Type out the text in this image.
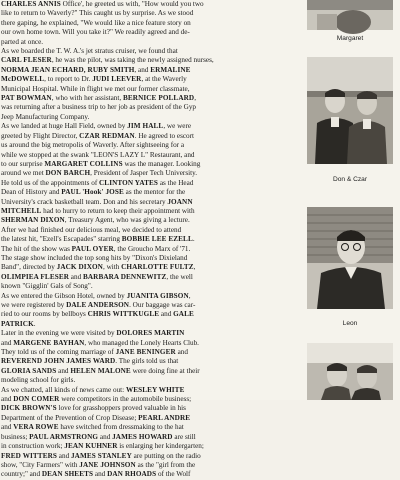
CHARLES ANNIS Office', he greeted us with, "How would you two
like to return to Waverly?" This caught us by surprise. As we stood
there gaping, he explained, "We would like a nice feature story on
our own home town. Will you take it?" We readily agreed and de-
parted at once.
As we boarded the T. W. A.'s jet stratus cruiser, we found that
CARL FLESER, he was the pilot, was taking the newly assigned nurses,
NORMA JEAN ECHARD, RUBY SMITH, and ERMALINE
McDOWELL, to report to Dr. JUDI LEEVER, at the Waverly
Municipal Hospital. While in flight we met our former classmate,
PAT BOWMAN, who with her assistant, BERNICE POLLARD,
was returning after a business trip to her job as president of the Gyp
Jeep Manufacturing Company.
As we landed at huge Hall Field, owned by JIM HALL, we were
greeted by Flight Director, CZAR REDMAN. He agreed to escort
us around the big metropolis of Waverly. After sightseeing for a
while we stopped at the swank "LEON'S LAZY L" Restaurant, and
to our surprise MARGARET COLLINS was the manager. Looking
around we met DON BARCH, President of Jasper Tech University.
He told us of the appointments of CLINTON YATES as the Head
Dean of History and PAUL 'Hook' JOSE as the mentor for the
University's crack basketball team. Don and his secretary JOANN
MITCHELL had to hurry to return to keep their appointment with
SHERMAN DIXON, Treasury Agent, who was giving a lecture.
After we had finished our delicious meal, we decided to attend
the latest hit, "Ezell's Escapades" starring BOBBIE LEE EZELL.
The hit of the show was PAUL OYER, the Groucho Marx of '71.
The stage show included the top song hits by "Dixon's Dixieland
Band", directed by JACK DIXON, with CHARLOTTE FULTZ,
OLIMPIEA FLESER and BARBARA DENNEWITZ, the well
known "Gigglin' Gals of Song".
As we entered the Gibson Hotel, owned by JUANITA GIBSON,
we were registered by DALE ANDERSON. Our baggage was car-
ried to our rooms by bellboys CHRIS WITTKUGLE and GALE
PATRICK.
Later in the evening we were visited by DOLORES MARTIN
and MARGENE BAYHAN, who managed the Lonely Hearts Club.
They told us of the coming marriage of JANE BENINGER and
REVEREND JOHN JAMES WARD. The girls told us that
GLORIA SANDS and HELEN MALONE were doing fine at their
modeling school for girls.
As we chatted, all kinds of news came out: WESLEY WHITE
and DON COMER were competitors in the automobile business;
DICK BROWN'S love for grasshoppers proved valuable in his
Department of the Prevention of Crop Disease; PEARL ANDRE
and VERA ROWE have switched from dressmaking to the hat
business; PAUL ARMSTRONG and JAMES HOWARD are still
in construction work; JEAN KUHNER is enlarging her kindergarten;
FRED WITTERS and JAMES STANLEY are putting on the radio
show, "City Farmers" with JANE JOHNSON as the "girl from the
country;" and DEAN SHEETS and DAN RHOADS of the Wolf
Margaret
Don & Czar
Leon
